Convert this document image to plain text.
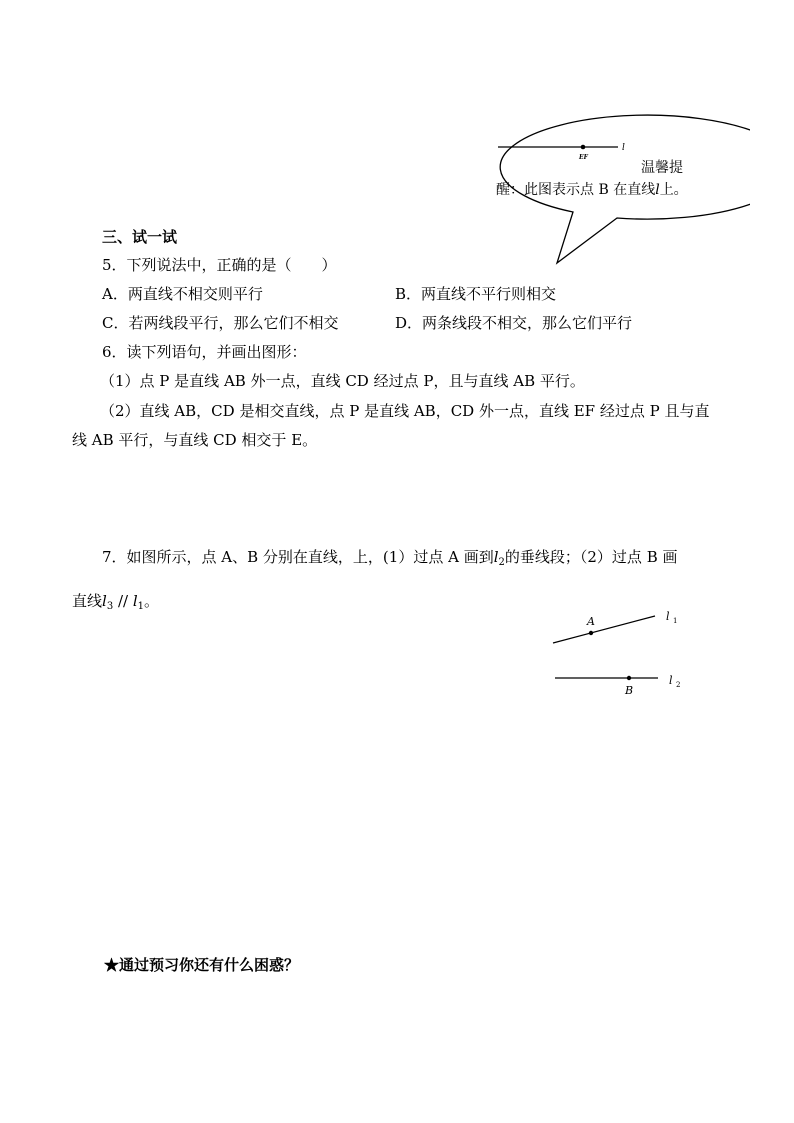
l
EF
温馨提
醒：此图表示点 B 在直线l上。
三、试一试
5．下列说法中，正确的是（　　）
A．两直线不相交则平行	B．两直线不平行则相交
C．若两线段平行，那么它们不相交	D．两条线段不相交，那么它们平行
6．读下列语句，并画出图形：
（1）点 P 是直线 AB 外一点，直线 CD 经过点 P，且与直线 AB 平行。
（2）直线 AB，CD 是相交直线，点 P 是直线 AB，CD 外一点，直线 EF 经过点 P 且与直
线 AB 平行，与直线 CD 相交于 E。
7．如图所示，点 A、B 分别在直线，上，(1）过点 A 画到$l_2$的垂线段；（2）过点 B 画
直线$l_3 // l_1$。
A	l 1
B
l 2
★通过预习你还有什么困惑？
